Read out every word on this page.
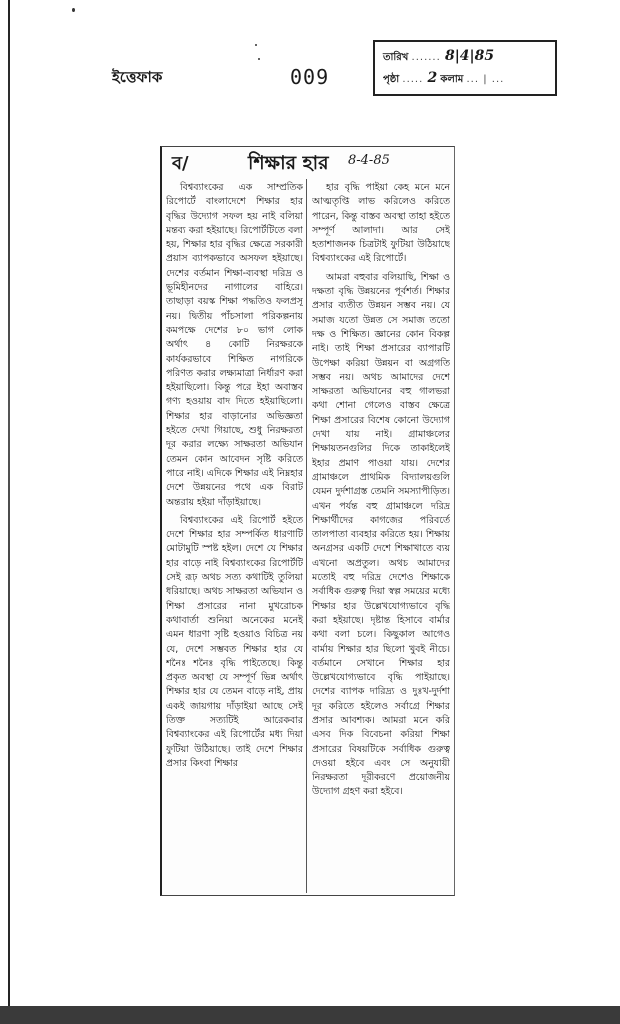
ইত্তেফাক	009
তারিখ ....... 8|4|85
পৃষ্ঠা ..... 2 কলাম ... | ...
ব/	শিক্ষার হার 8-4-85

বিশ্বব্যাংকের এক সাম্প্রতিক রিপোর্টে বাংলাদেশে শিক্ষার হার বৃদ্ধির উদ্যোগ সফল হয় নাই বলিয়া মন্তব্য করা হইয়াছে। রিপোর্টটিতে বলা হয়, শিক্ষার হার বৃদ্ধির ক্ষেত্রে সরকারী প্রয়াস ব্যাপকভাবে অসফল হইয়াছে। দেশের বর্তমান শিক্ষা-ব্যবস্থা দরিদ্র ও ভূমিহীনদের নাগালের বাহিরে। তাছাড়া বয়স্ক শিক্ষা পদ্ধতিও ফলপ্রসূ নয়। দ্বিতীয় পাঁচসালা পরিকল্পনায় কমপক্ষে দেশের ৮০ ভাগ লোক অর্থাৎ ৪ কোটি নিরক্ষরকে কার্যকরভাবে শিক্ষিত নাগরিকে পরিণত করার লক্ষ্যমাত্রা নির্ধারণ করা হইয়াছিলো। কিন্তু পরে ইহা অবাস্তব গণ্য হওয়ায় বাদ দিতে হইয়াছিলো। শিক্ষার হার বাড়ানোর অভিজ্ঞতা হইতে দেখা গিয়াছে, শুধু নিরক্ষরতা দূর করার লক্ষ্যে সাক্ষরতা অভিযান তেমন কোন আবেদন সৃষ্টি করিতে পারে নাই। এদিকে শিক্ষার এই নিম্নহার দেশে উন্নয়নের পথে এক বিরাট অন্তরায় হইয়া দাঁড়াইয়াছে।

বিশ্বব্যাংকের এই রিপোর্ট হইতে দেশে শিক্ষার হার সম্পর্কিত ধারণাটি মোটামুটি স্পষ্ট হইল। দেশে যে শিক্ষার হার বাড়ে নাই বিশ্বব্যাংকের রিপোর্টটি সেই রূঢ় অথচ সত্য কথাটিই তুলিয়া ধরিয়াছে। অথচ সাক্ষরতা অভিযান ও শিক্ষা প্রসারের নানা মুখরোচক কথাবার্তা শুনিয়া অনেকের মনেই এমন ধারণা সৃষ্টি হওয়াও বিচিত্র নয় যে, দেশে সম্ভবত শিক্ষার হার যে শনৈঃ শনৈঃ বৃদ্ধি পাইতেছে। কিন্তু প্রকৃত অবস্থা যে সম্পূর্ণ ভিন্ন অর্থাৎ শিক্ষার হার যে তেমন বাড়ে নাই, প্রায় একই জায়গায় দাঁড়াইয়া আছে সেই তিক্ত সত্যটিই আরেকবার বিশ্বব্যাংকের এই রিপোর্টের মধ্য দিয়া ফুটিয়া উঠিয়াছে। তাই দেশে শিক্ষার প্রসার কিংবা শিক্ষার

হার বৃদ্ধি পাইয়া কেহ মনে মনে আত্মতৃপ্তি লাভ করিলেও করিতে পারেন, কিন্তু বাস্তব অবস্থা তাহা হইতে সম্পূর্ণ আলাদা। আর সেই হতাশাজনক চিত্রটাই ফুটিয়া উঠিয়াছে বিশ্বব্যাংকের এই রিপোর্টে।

আমরা বহুবার বলিয়াছি, শিক্ষা ও দক্ষতা বৃদ্ধি উন্নয়নের পূর্বশর্ত। শিক্ষার প্রসার ব্যতীত উন্নয়ন সম্ভব নয়। যে সমাজ যতো উন্নত সে সমাজ ততো দক্ষ ও শিক্ষিত। জ্ঞানের কোন বিকল্প নাই। তাই শিক্ষা প্রসারের ব্যাপারটি উপেক্ষা করিয়া উন্নয়ন বা অগ্রগতি সম্ভব নয়। অথচ আমাদের দেশে সাক্ষরতা অভিযানের বহু গালভরা কথা শোনা গেলেও বাস্তব ক্ষেত্রে শিক্ষা প্রসারের বিশেষ কোনো উদ্যোগ দেখা যায় নাই। গ্রামাঞ্চলের শিক্ষায়তনগুলির দিকে তাকাইলেই ইহার প্রমাণ পাওয়া যায়। দেশের গ্রামাঞ্চলে প্রাথমিক বিদ্যালয়গুলি যেমন দুর্দশাগ্রস্ত তেমনি সমস্যাপীড়িত। এখন পর্যন্ত বহু গ্রামাঞ্চলে দরিদ্র শিক্ষার্থীদের কাগজের পরিবর্তে তালপাতা ব্যবহার করিতে হয়। শিক্ষায় অনগ্রসর একটি দেশে শিক্ষাখাতে ব্যয় এখনো অপ্রতুল। অথচ আমাদের মতোই বহু দরিদ্র দেশেও শিক্ষাকে সর্বাধিক গুরুত্ব দিয়া স্বল্প সময়ের মধ্যে শিক্ষার হার উল্লেখযোগ্যভাবে বৃদ্ধি করা হইয়াছে। দৃষ্টান্ত হিসাবে বার্মার কথা বলা চলে। কিছুকাল আগেও বার্মায় শিক্ষার হার ছিলো খুবই নীচে। বর্তমানে সেখানে শিক্ষার হার উল্লেখযোগ্যভাবে বৃদ্ধি পাইয়াছে। দেশের ব্যাপক দারিদ্র্য ও দুঃখ-দুর্দশা দূর করিতে হইলেও সর্বাগ্রে শিক্ষার প্রসার আবশ্যক। আমরা মনে করি এসব দিক বিবেচনা করিয়া শিক্ষা প্রসারের বিষয়টিকে সর্বাধিক গুরুত্ব দেওয়া হইবে এবং সে অনুযায়ী নিরক্ষরতা দূরীকরণে প্রয়োজনীয় উদ্যোগ গ্রহণ করা হইবে।
